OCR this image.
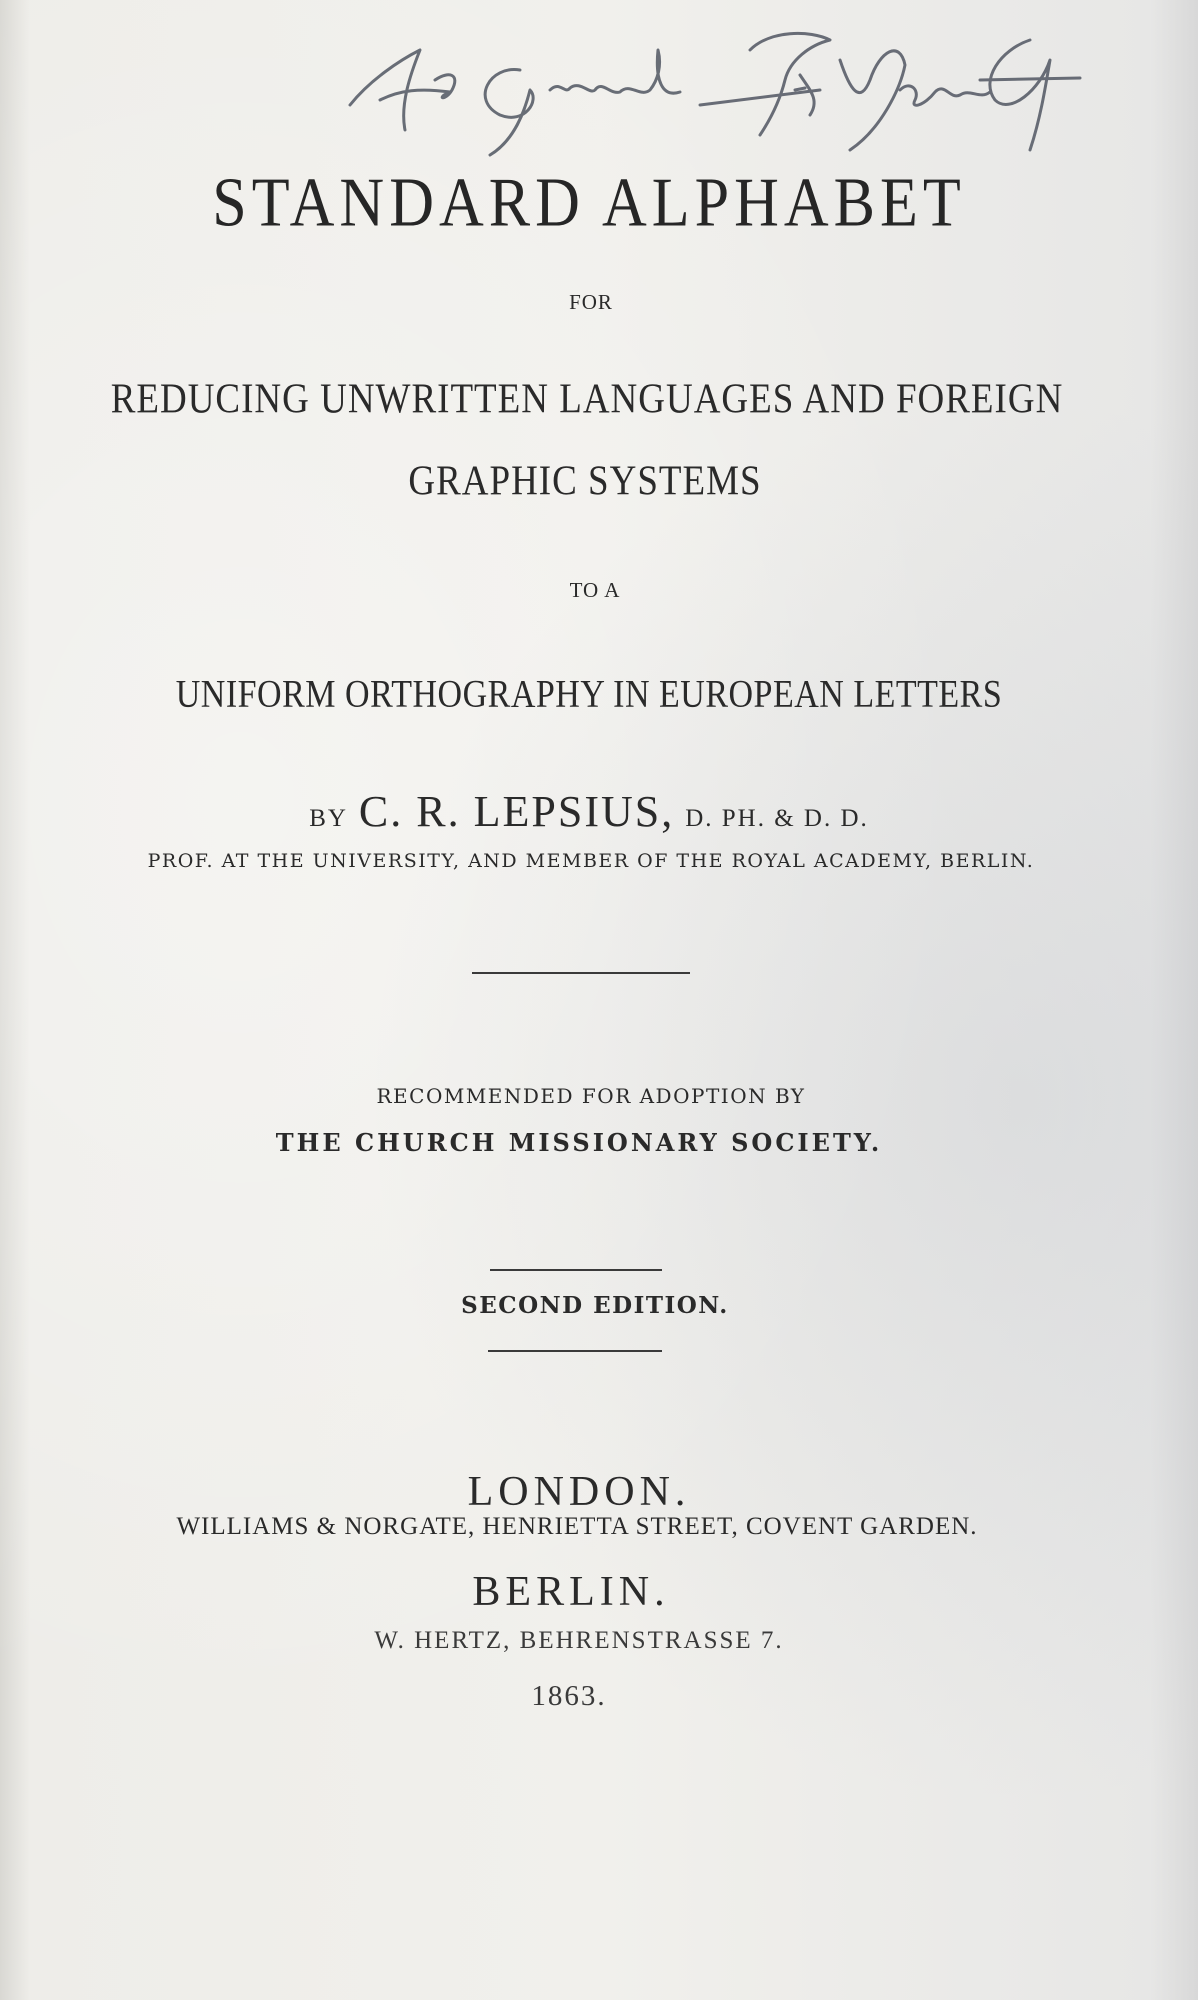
STANDARD ALPHABET
FOR
REDUCING UNWRITTEN LANGUAGES AND FOREIGN
GRAPHIC SYSTEMS
TO A
UNIFORM ORTHOGRAPHY IN EUROPEAN LETTERS
BY C. R. LEPSIUS, D. PH. & D. D.
PROF. AT THE UNIVERSITY, AND MEMBER OF THE ROYAL ACADEMY, BERLIN.
RECOMMENDED FOR ADOPTION BY
THE CHURCH MISSIONARY SOCIETY.
SECOND EDITION.
LONDON.
WILLIAMS & NORGATE, HENRIETTA STREET, COVENT GARDEN.
BERLIN.
W. HERTZ, BEHRENSTRASSE 7.
1863.
